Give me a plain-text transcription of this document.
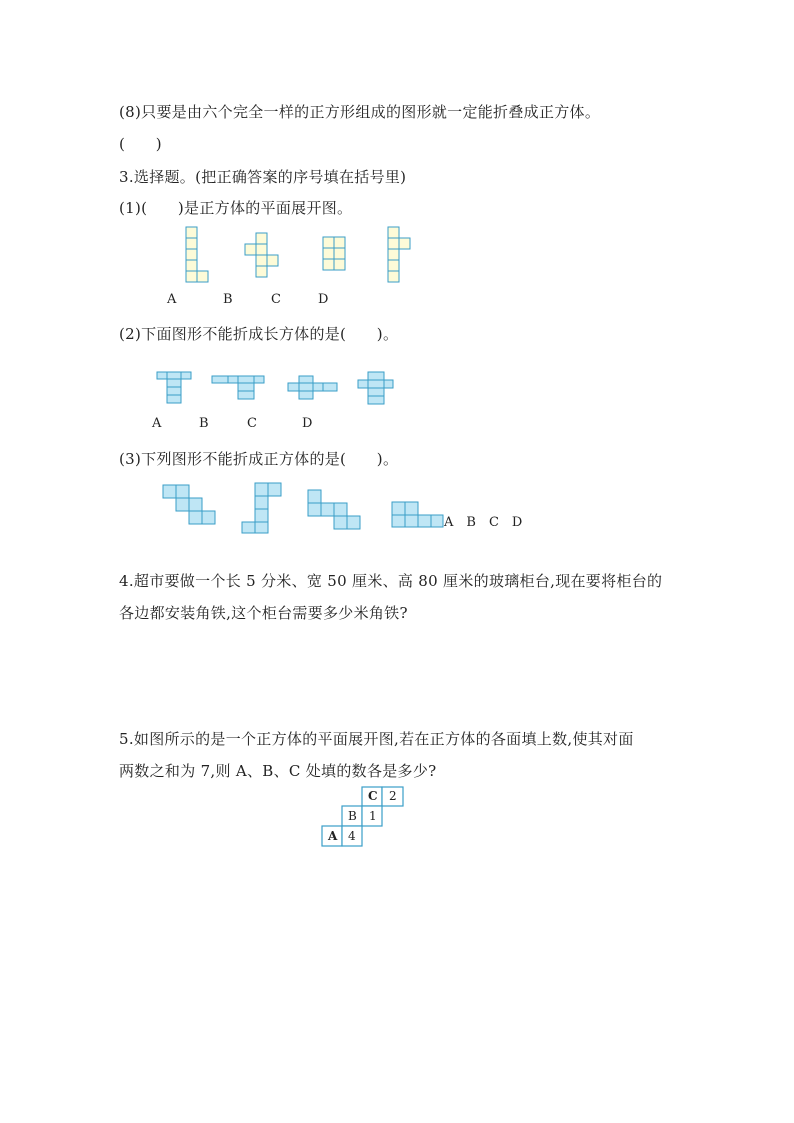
(8)只要是由六个完全一样的正方形组成的图形就一定能折叠成正方体。
(　　)
3.选择题。(把正确答案的序号填在括号里)
(1)(　　)是正方体的平面展开图。
A	B	C	D
(2)下面图形不能折成长方体的是(　　)。
A	B	C	D
(3)下列图形不能折成正方体的是(　　)。
A　B　C　D
4.超市要做一个长 5 分米、宽 50 厘米、高 80 厘米的玻璃柜台,现在要将柜台的
各边都安装角铁,这个柜台需要多少米角铁?
5.如图所示的是一个正方体的平面展开图,若在正方体的各面填上数,使其对面
两数之和为 7,则 A、B、C 处填的数各是多少?
C 2
B 1
A 4
